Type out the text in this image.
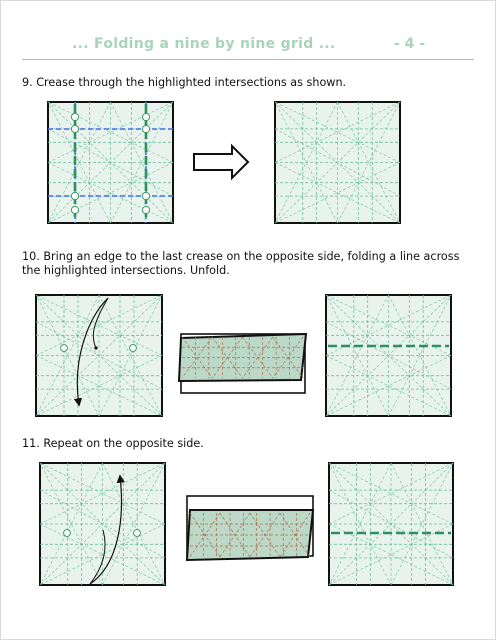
... Folding a nine by nine grid ...	- 4 -
9. Crease through the highlighted intersections as shown.
10. Bring an edge to the last crease on the opposite side, folding a line across the highlighted intersections. Unfold.
11. Repeat on the opposite side.
